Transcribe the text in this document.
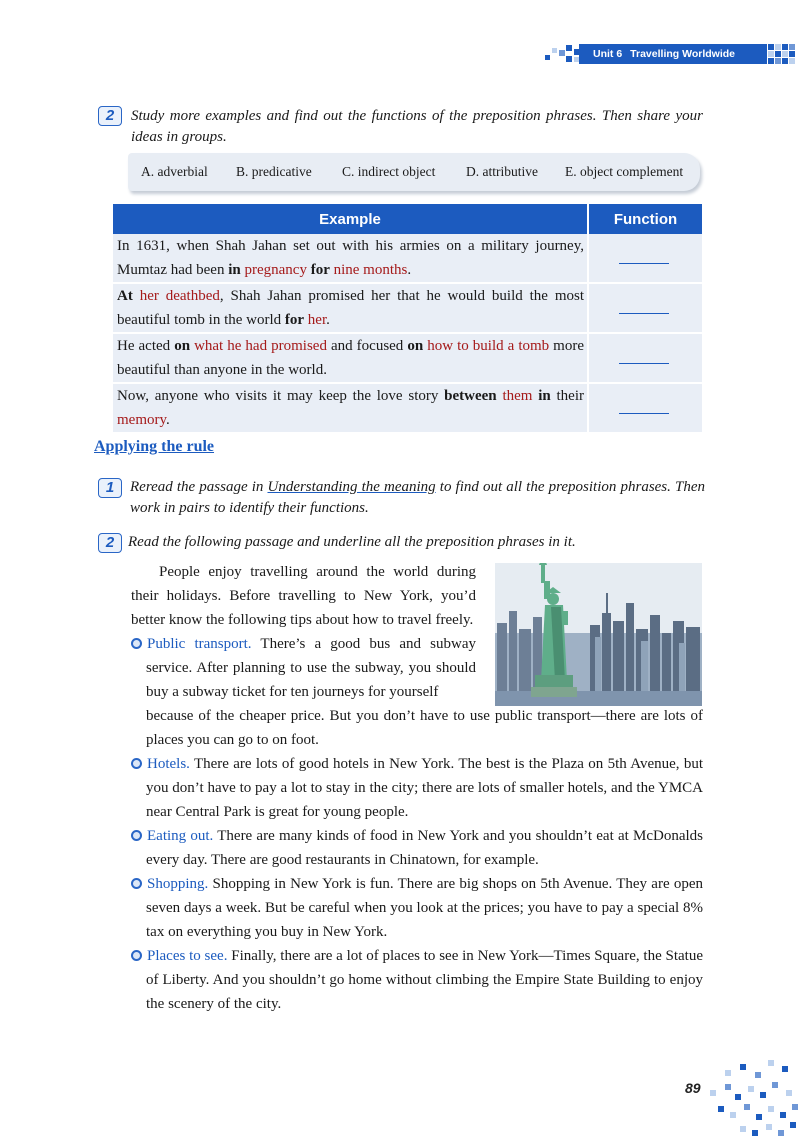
Unit 6 Travelling Worldwide
2	Study more examples and find out the functions of the preposition phrases. Then share your ideas in groups.
A. adverbial B. predicative C. indirect object D. attributive E. object complement
Example	Function
In 1631, when Shah Jahan set out with his armies on a military journey, Mumtaz had been in pregnancy for nine months.	

At her deathbed, Shah Jahan promised her that he would build the most beautiful tomb in the world for her.	

He acted on what he had promised and focused on how to build a tomb more beautiful than anyone in the world.	

Now, anyone who visits it may keep the love story between them in their memory.	
Applying the rule
1	Reread the passage in Understanding the meaning to find out all the preposition phrases. Then work in pairs to identify their functions.
2 Read the following passage and underline all the preposition phrases in it.

People enjoy travelling around the world during their holidays. Before travelling to New York, you’d better know the following tips about how to travel freely.

Public transport. There’s a good bus and subway service. After planning to use the subway, you should buy a subway ticket for ten journeys for yourself

because of the cheaper price. But you don’t have to use public transport—there are lots of places you can go to on foot.

Hotels. There are lots of good hotels in New York. The best is the Plaza on 5th Avenue, but you don’t have to pay a lot to stay in the city; there are lots of smaller hotels, and the YMCA near Central Park is great for young people.

Eating out. There are many kinds of food in New York and you shouldn’t eat at McDonalds every day. There are good restaurants in Chinatown, for example.

Shopping. Shopping in New York is fun. There are big shops on 5th Avenue. They are open seven days a week. But be careful when you look at the prices; you have to pay a special 8% tax on everything you buy in New York.

Places to see. Finally, there are a lot of places to see in New York—Times Square, the Statue of Liberty. And you shouldn’t go home without climbing the Empire State Building to enjoy the scenery of the city.

89
